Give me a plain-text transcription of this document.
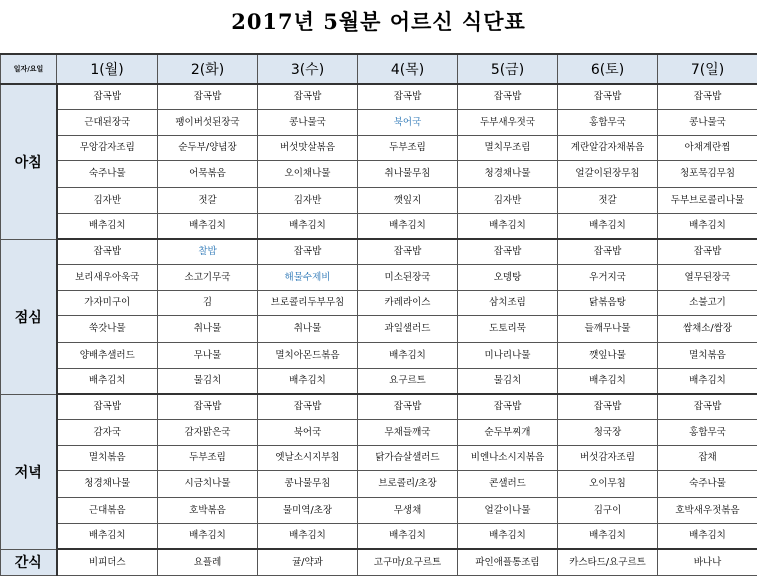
2017년 5월분 어르신 식단표
일자/요일	1(월)	2(화)	3(수)	4(목)	5(금)	6(토)	7(일)
아침	잡곡밥	잡곡밥	잡곡밥	잡곡밥	잡곡밥	잡곡밥	잡곡밥
	근대된장국	팽이버섯된장국	콩나물국	북어국	두부새우젓국	홍합무국	콩나물국
	무앙감자조림	순두부/양념장	버섯맛살볶음	두부조림	멸치무조림	계란알감자채볶음	아채계란찜
	숙주나물	어묵볶음	오이채나물	취나물무침	청경채나물	얼갈이된장무침	청포묵김무침
	김자반	젓갈	김자반	깻잎지	김자반	젓갈	두부브로콜리나물
	배추김치	배추김치	배추김치	배추김치	배추김치	배추김치	배추김치
점심	잡곡밥	찰밥	잡곡밥	잡곡밥	잡곡밥	잡곡밥	잡곡밥
	보리새우아욱국	소고기무국	해물수제비	미소된장국	오뎅탕	우거지국	열무된장국
	가자미구이	김	브로콜리두부무침	카레라이스	삼치조림	닭볶음탕	소불고기
	쑥갓나물	취나물	취나물	과일샐러드	도토리묵	들깨무나물	쌈채소/쌈장
	양배추샐러드	무나물	멸치아몬드볶음	배추김치	미나리나물	깻잎나물	멸치볶음
	배추김치	물김치	배추김치	요구르트	물김치	배추김치	배추김치
저녁	잡곡밥	잡곡밥	잡곡밥	잡곡밥	잡곡밥	잡곡밥	잡곡밥
	감자국	감자맑은국	북어국	무채들깨국	순두부찌개	청국장	홍합무국
	멸치볶음	두부조림	엣날소시지부침	닭가슴살샐러드	비엔나소시지볶음	버섯감자조림	잡채
	청경채나물	시금치나물	콩나물무침	브로콜리/초장	콘샐러드	오이무침	숙주나물
	근대볶음	호박볶음	물미역/초장	무생채	얼갈이나물	김구이	호박새우젓볶음
	배추김치	배추김치	배추김치	배추김치	배추김치	배추김치	배추김치
간식	비피더스	요플레	귤/약과	고구마/요구르트	파인애플통조림	카스타드/요구르트	바나나
